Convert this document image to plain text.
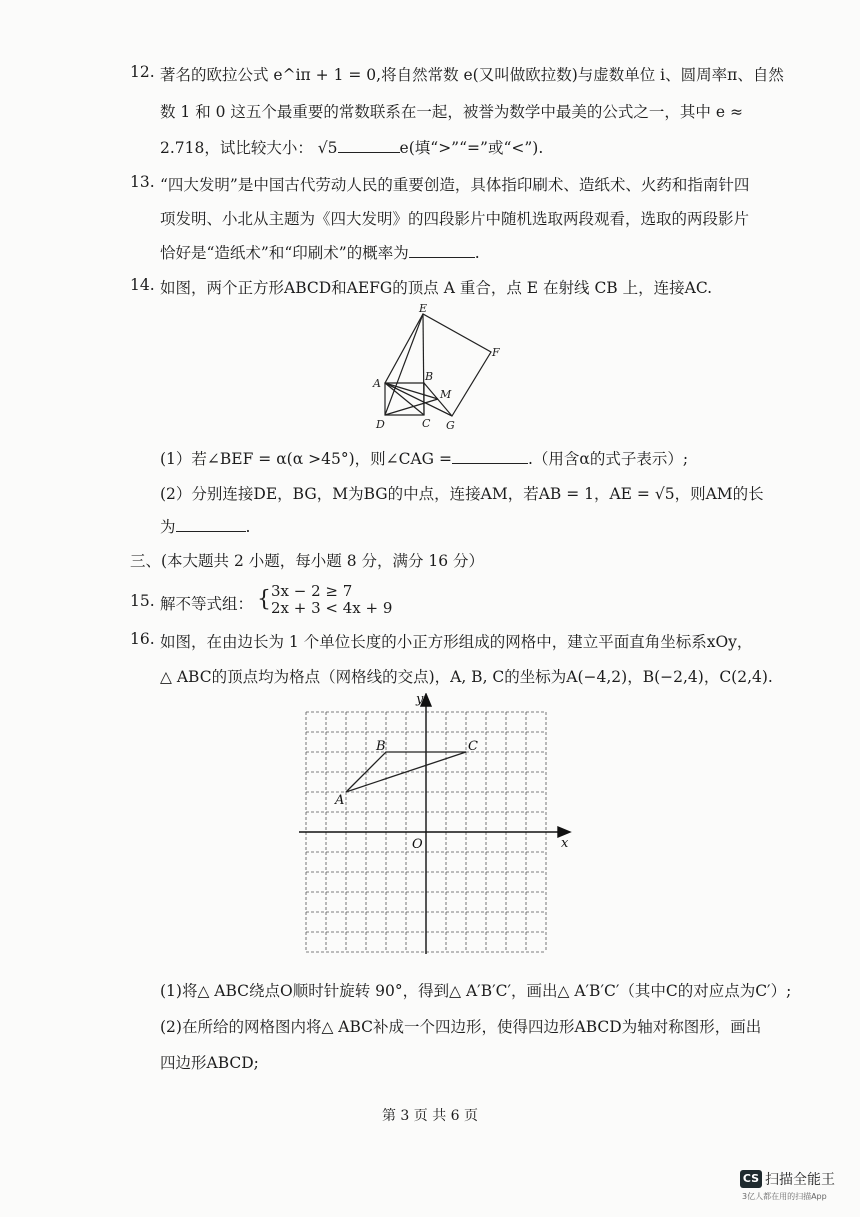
12. 著名的欧拉公式 e^iπ + 1 = 0,将自然常数 e(又叫做欧拉数)与虚数单位 i、圆周率π、自然
数 1 和 0 这五个最重要的常数联系在一起，被誉为数学中最美的公式之一，其中 e ≈
2.718，试比较大小： √5	e(填“>”“=”或“<”).
13. “四大发明”是中国古代劳动人民的重要创造，具体指印刷术、造纸术、火药和指南针四
项发明、小北从主题为《四大发明》的四段影片中随机选取两段观看，选取的两段影片
恰好是“造纸术”和“印刷术”的概率为	.
14. 如图，两个正方形ABCD和AEFG的顶点 A 重合，点 E 在射线 CB 上，连接AC.
E
F
A
B
M
D	C G
(1）若∠BEF = α(α >45°)，则∠CAG =	.（用含α的式子表示）;
(2）分别连接DE，BG，M为BG的中点，连接AM，若AB = 1，AE = √5，则AM的长
为	.
三、(本大题共 2 小题，每小题 8 分，满分 16 分）
15. 解不等式组： { 3x − 2 ≥ 7
2x + 3 < 4x + 9
16. 如图，在由边长为 1 个单位长度的小正方形组成的网格中，建立平面直角坐标系xOy，
△ ABC的顶点均为格点（网格线的交点)，A, B, C的坐标为A(−4,2)，B(−2,4)，C(2,4).
x
y
O
A
B	C
(1)将△ ABC绕点O顺时针旋转 90°，得到△ A′B′C′，画出△ A′B′C′（其中C的对应点为C′）;
(2)在所给的网格图内将△ ABC补成一个四边形，使得四边形ABCD为轴对称图形，画出
四边形ABCD;
第 3 页 共 6 页
CS 扫描全能王
3亿人都在用的扫描App
